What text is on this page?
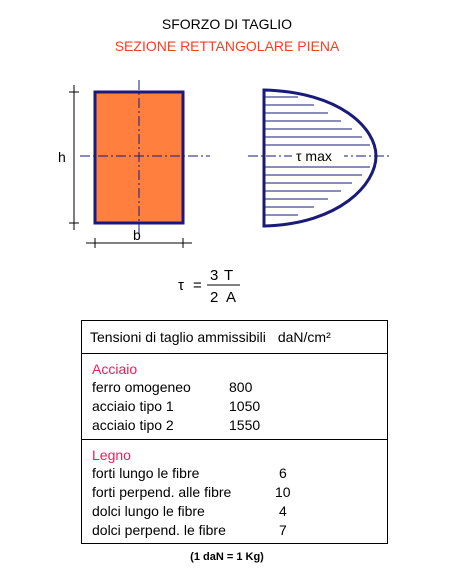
SFORZO DI TAGLIO
SEZIONE RETTANGOLARE PIENA
h
b
τ max
τ =
3 T
2 A
Tensioni di taglio ammissibili daN/cm²
Acciaio
ferro omogeneo	800
acciaio tipo 1	1050
acciaio tipo 2	1550
Legno
forti lungo le fibre	6
forti perpend. alle fibre	10
dolci lungo le fibre	4
dolci perpend. le fibre	7
(1 daN = 1 Kg)
